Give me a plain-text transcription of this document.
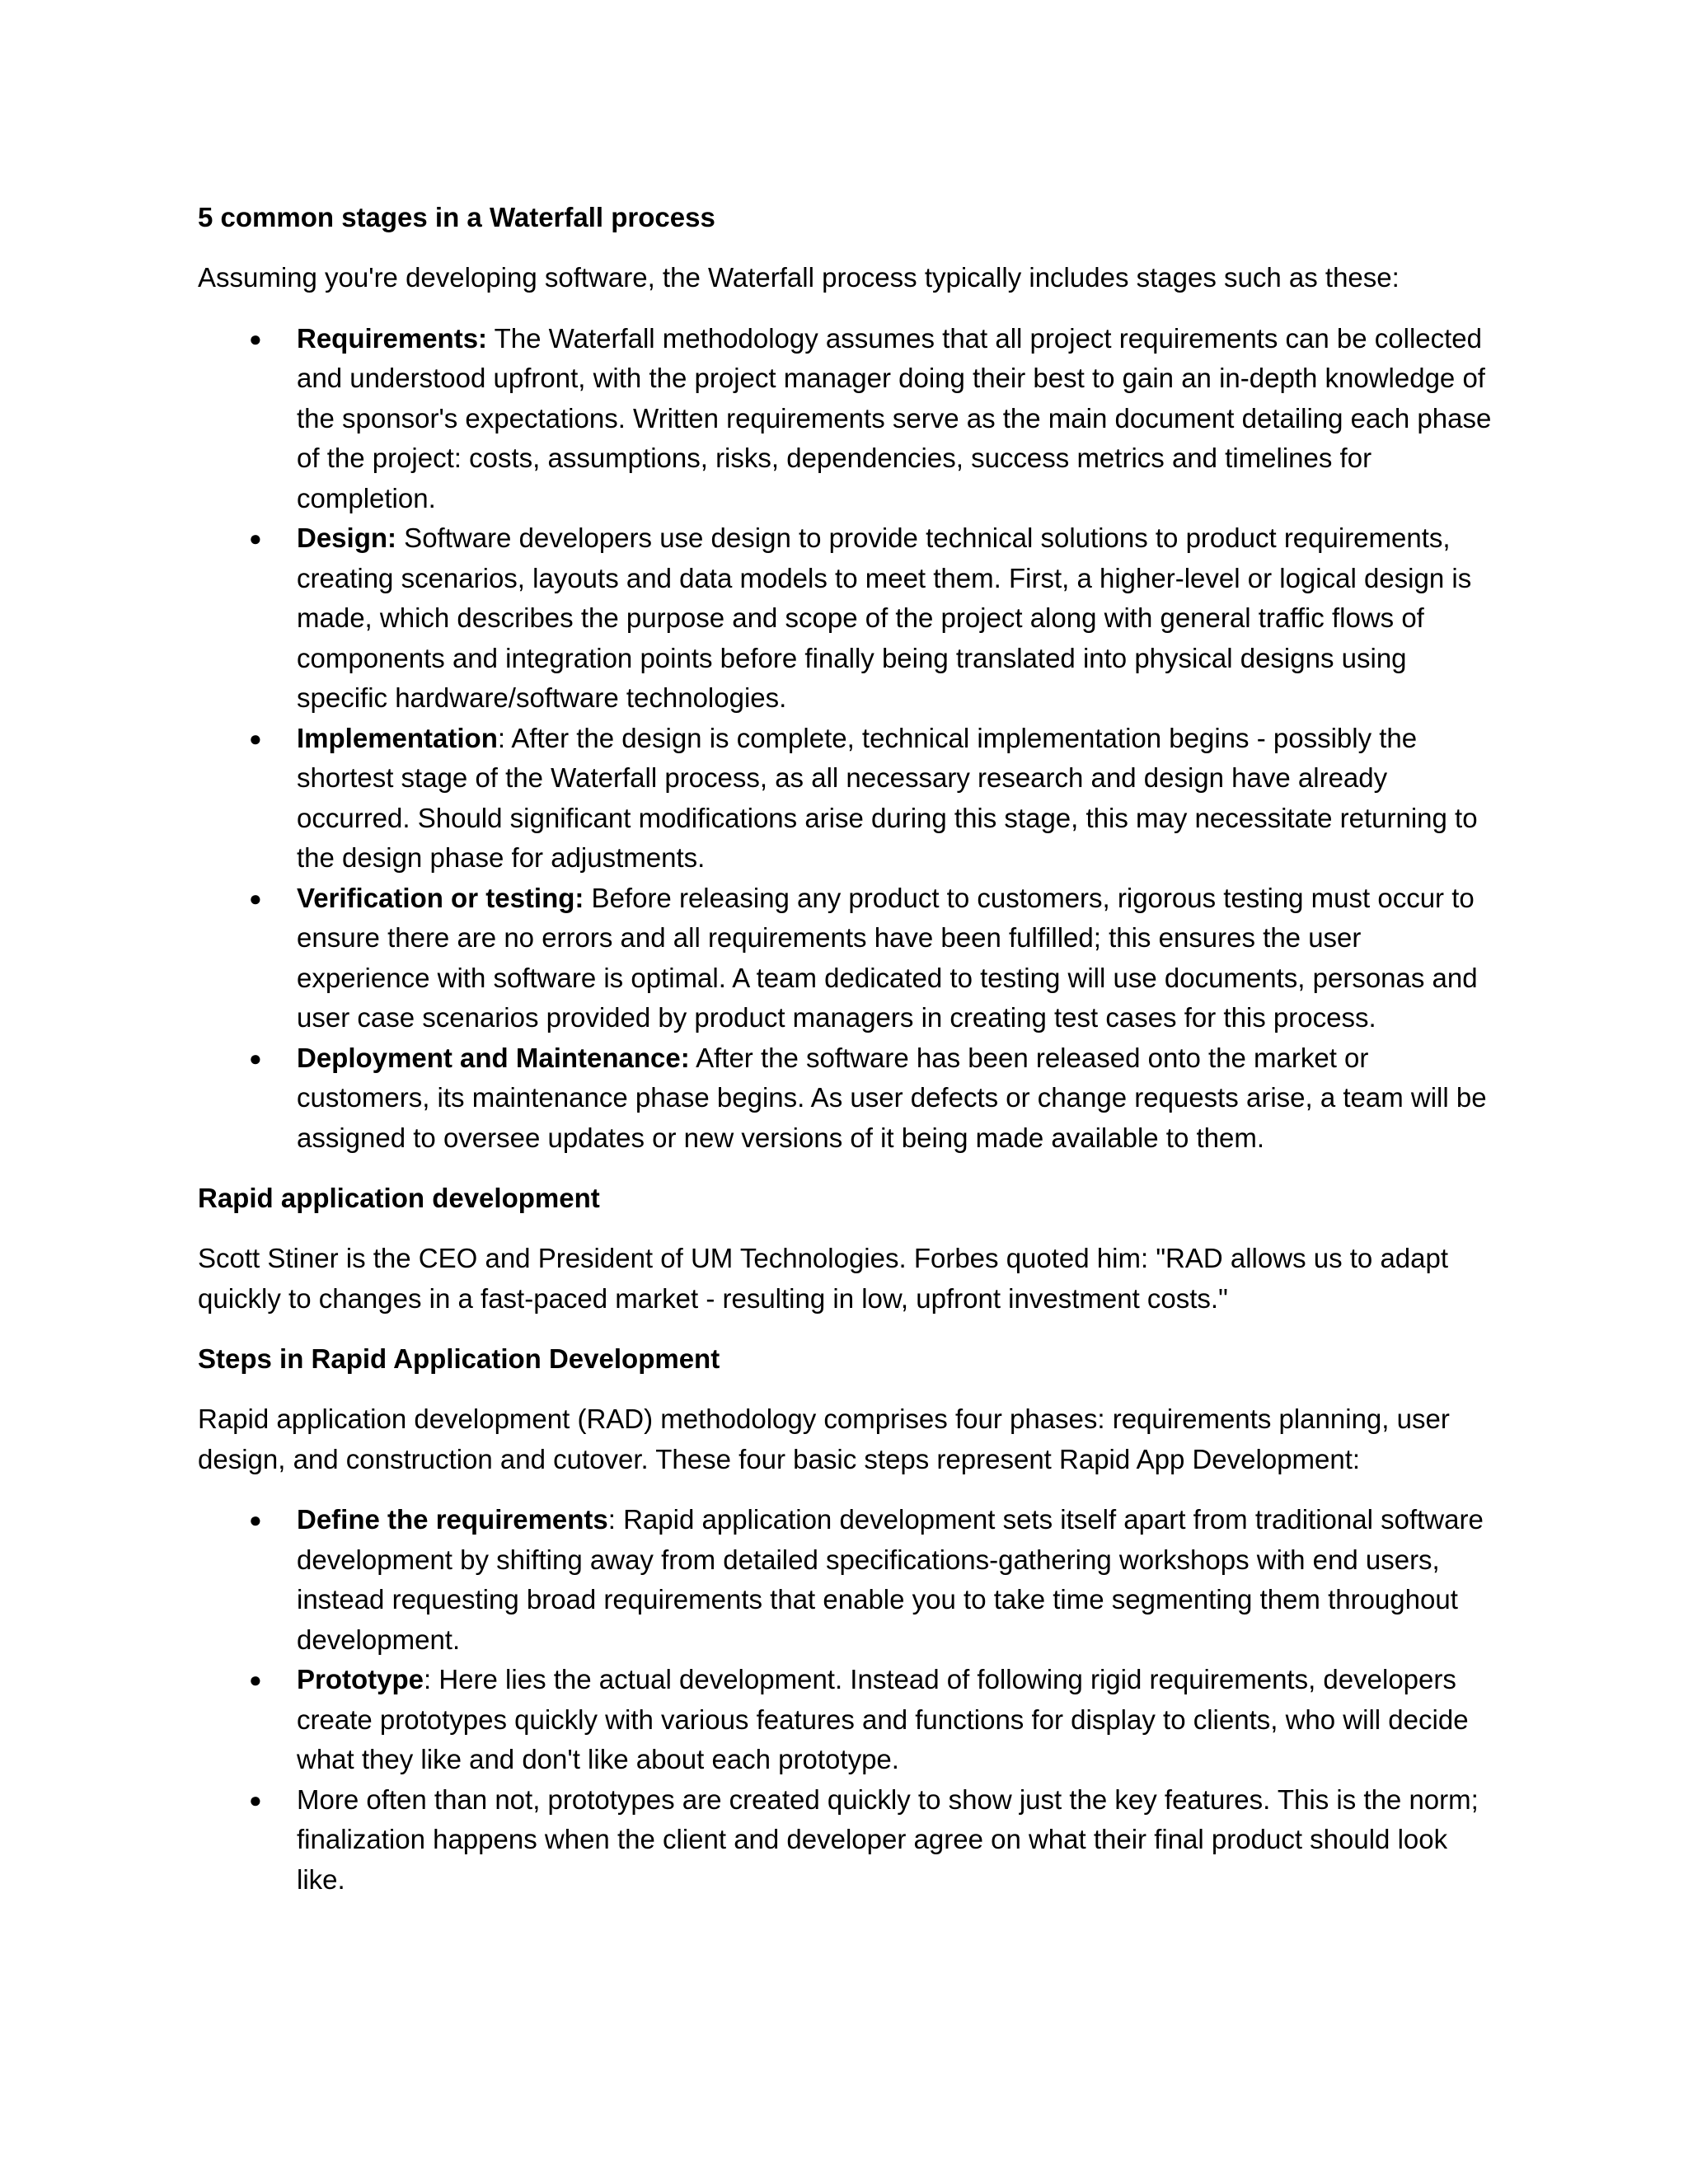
5 common stages in a Waterfall process

Assuming you're developing software, the Waterfall process typically includes stages such as these:

● Requirements: The Waterfall methodology assumes that all project requirements can be collected and understood upfront, with the project manager doing their best to gain an in-depth knowledge of the sponsor's expectations. Written requirements serve as the main document detailing each phase of the project: costs, assumptions, risks, dependencies, success metrics and timelines for completion.
● Design: Software developers use design to provide technical solutions to product requirements, creating scenarios, layouts and data models to meet them. First, a higher-level or logical design is made, which describes the purpose and scope of the project along with general traffic flows of components and integration points before finally being translated into physical designs using specific hardware/software technologies.
● Implementation: After the design is complete, technical implementation begins - possibly the shortest stage of the Waterfall process, as all necessary research and design have already occurred. Should significant modifications arise during this stage, this may necessitate returning to the design phase for adjustments.
● Verification or testing: Before releasing any product to customers, rigorous testing must occur to ensure there are no errors and all requirements have been fulfilled; this ensures the user experience with software is optimal. A team dedicated to testing will use documents, personas and user case scenarios provided by product managers in creating test cases for this process.
● Deployment and Maintenance: After the software has been released onto the market or customers, its maintenance phase begins. As user defects or change requests arise, a team will be assigned to oversee updates or new versions of it being made available to them.
Rapid application development

Scott Stiner is the CEO and President of UM Technologies. Forbes quoted him: "RAD allows us to adapt quickly to changes in a fast-paced market - resulting in low, upfront investment costs."

Steps in Rapid Application Development

Rapid application development (RAD) methodology comprises four phases: requirements planning, user design, and construction and cutover. These four basic steps represent Rapid App Development:

● Define the requirements: Rapid application development sets itself apart from traditional software development by shifting away from detailed specifications-gathering workshops with end users, instead requesting broad requirements that enable you to take time segmenting them throughout development.
● Prototype: Here lies the actual development. Instead of following rigid requirements, developers create prototypes quickly with various features and functions for display to clients, who will decide what they like and don't like about each prototype.
● More often than not, prototypes are created quickly to show just the key features. This is the norm; finalization happens when the client and developer agree on what their final product should look like.
